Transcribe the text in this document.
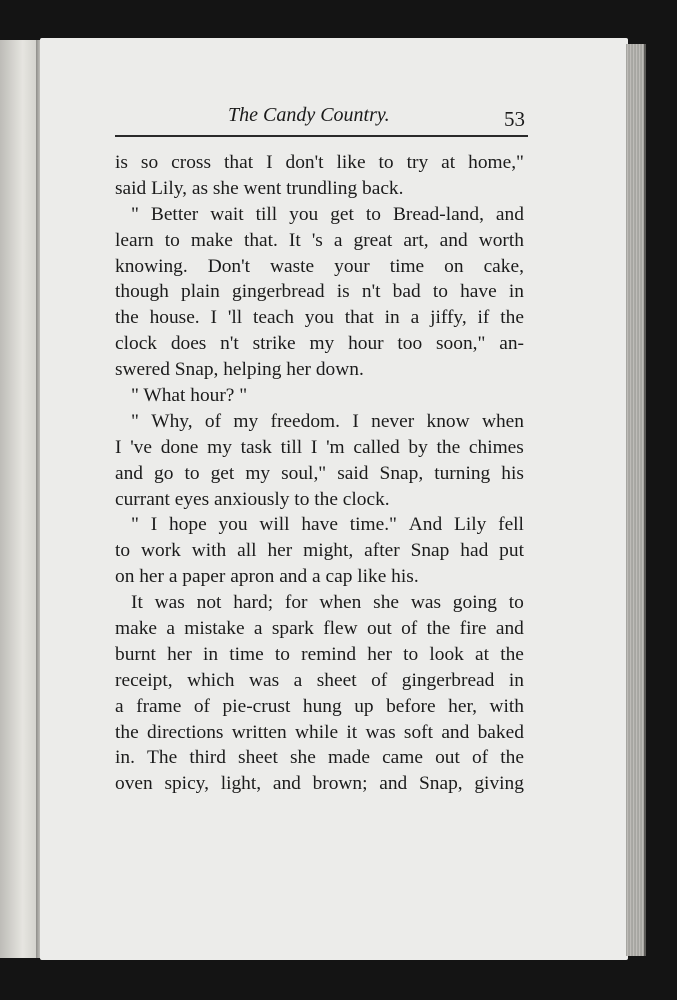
The Candy Country.	53
is so cross that I don't like to try at home,"
said Lily, as she went trundling back.
" Better wait till you get to Bread-land, and
learn to make that. It 's a great art, and worth
knowing. Don't waste your time on cake,
though plain gingerbread is n't bad to have in
the house. I 'll teach you that in a jiffy, if the
clock does n't strike my hour too soon," an-
swered Snap, helping her down.
" What hour? "
" Why, of my freedom. I never know when
I 've done my task till I 'm called by the chimes
and go to get my soul," said Snap, turning his
currant eyes anxiously to the clock.
" I hope you will have time." And Lily fell
to work with all her might, after Snap had put
on her a paper apron and a cap like his.
It was not hard; for when she was going to
make a mistake a spark flew out of the fire and
burnt her in time to remind her to look at the
receipt, which was a sheet of gingerbread in
a frame of pie-crust hung up before her, with
the directions written while it was soft and baked
in. The third sheet she made came out of the
oven spicy, light, and brown; and Snap, giving
